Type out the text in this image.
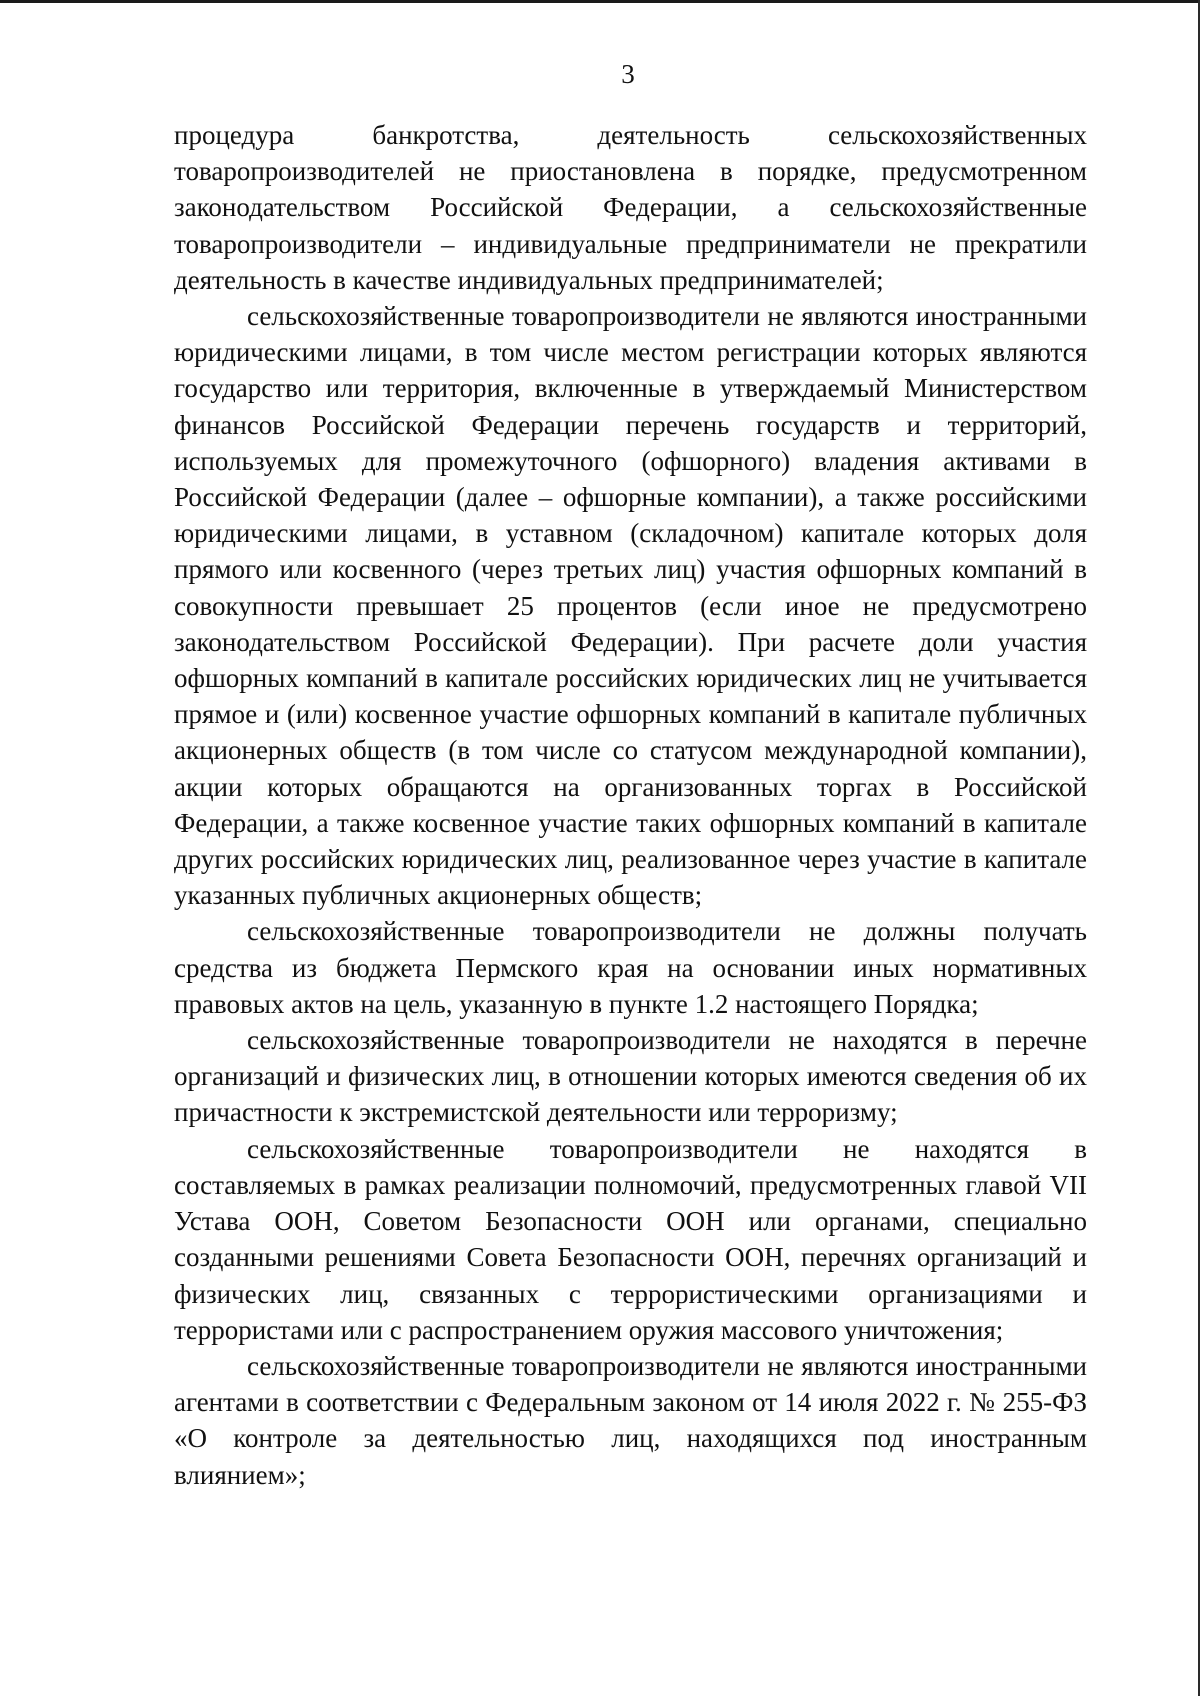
3

процедура банкротства, деятельность сельскохозяйственных товаропроизводителей не приостановлена в порядке, предусмотренном законодательством Российской Федерации, а сельскохозяйственные товаропроизводители – индивидуальные предприниматели не прекратили деятельность в качестве индивидуальных предпринимателей;

сельскохозяйственные товаропроизводители не являются иностранными юридическими лицами, в том числе местом регистрации которых являются государство или территория, включенные в утверждаемый Министерством финансов Российской Федерации перечень государств и территорий, используемых для промежуточного (офшорного) владения активами в Российской Федерации (далее – офшорные компании), а также российскими юридическими лицами, в уставном (складочном) капитале которых доля прямого или косвенного (через третьих лиц) участия офшорных компаний в совокупности превышает 25 процентов (если иное не предусмотрено законодательством Российской Федерации). При расчете доли участия офшорных компаний в капитале российских юридических лиц не учитывается прямое и (или) косвенное участие офшорных компаний в капитале публичных акционерных обществ (в том числе со статусом международной компании), акции которых обращаются на организованных торгах в Российской Федерации, а также косвенное участие таких офшорных компаний в капитале других российских юридических лиц, реализованное через участие в капитале указанных публичных акционерных обществ;

сельскохозяйственные товаропроизводители не должны получать средства из бюджета Пермского края на основании иных нормативных правовых актов на цель, указанную в пункте 1.2 настоящего Порядка;

сельскохозяйственные товаропроизводители не находятся в перечне организаций и физических лиц, в отношении которых имеются сведения об их причастности к экстремистской деятельности или терроризму;

сельскохозяйственные товаропроизводители не находятся в составляемых в рамках реализации полномочий, предусмотренных главой VII Устава ООН, Советом Безопасности ООН или органами, специально созданными решениями Совета Безопасности ООН, перечнях организаций и физических лиц, связанных с террористическими организациями и террористами или с распространением оружия массового уничтожения;

сельскохозяйственные товаропроизводители не являются иностранными агентами в соответствии с Федеральным законом от 14 июля 2022 г. № 255-ФЗ «О контроле за деятельностью лиц, находящихся под иностранным влиянием»;
